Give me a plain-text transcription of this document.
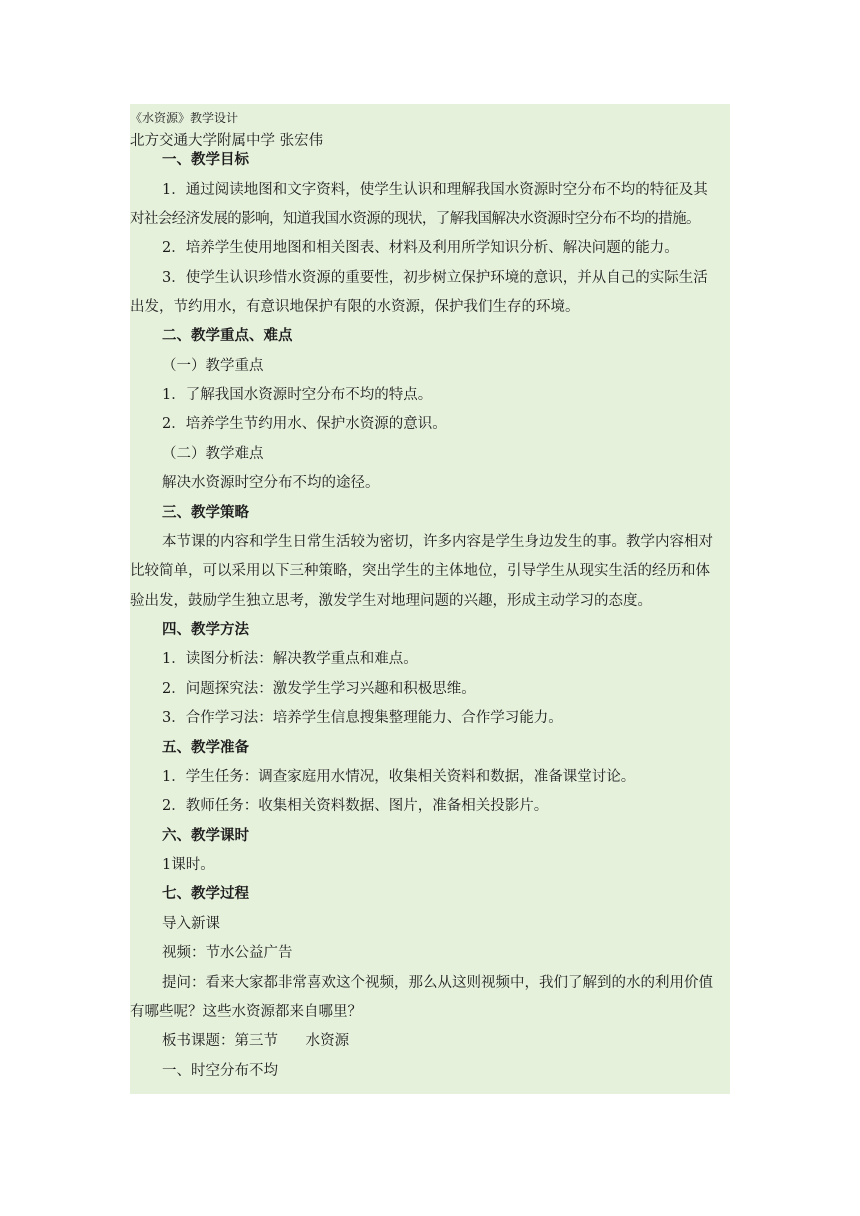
《水资源》教学设计
北方交通大学附属中学 张宏伟
一、教学目标
1．通过阅读地图和文字资料，使学生认识和理解我国水资源时空分布不均的特征及其
对社会经济发展的影响，知道我国水资源的现状，了解我国解决水资源时空分布不均的措施。
2．培养学生使用地图和相关图表、材料及利用所学知识分析、解决问题的能力。
3．使学生认识珍惜水资源的重要性，初步树立保护环境的意识，并从自己的实际生活
出发，节约用水，有意识地保护有限的水资源，保护我们生存的环境。
二、教学重点、难点
（一）教学重点
1．了解我国水资源时空分布不均的特点。
2．培养学生节约用水、保护水资源的意识。
（二）教学难点
解决水资源时空分布不均的途径。
三、教学策略
本节课的内容和学生日常生活较为密切，许多内容是学生身边发生的事。教学内容相对
比较简单，可以采用以下三种策略，突出学生的主体地位，引导学生从现实生活的经历和体
验出发，鼓励学生独立思考，激发学生对地理问题的兴趣，形成主动学习的态度。
四、教学方法
1．读图分析法：解决教学重点和难点。
2．问题探究法：激发学生学习兴趣和积极思维。
3．合作学习法：培养学生信息搜集整理能力、合作学习能力。
五、教学准备
1．学生任务：调查家庭用水情况，收集相关资料和数据，准备课堂讨论。
2．教师任务：收集相关资料数据、图片，准备相关投影片。
六、教学课时
1课时。
七、教学过程
导入新课
视频：节水公益广告
提问：看来大家都非常喜欢这个视频，那么从这则视频中，我们了解到的水的利用价值
有哪些呢？这些水资源都来自哪里？
板书课题：第三节      水资源
一、时空分布不均
